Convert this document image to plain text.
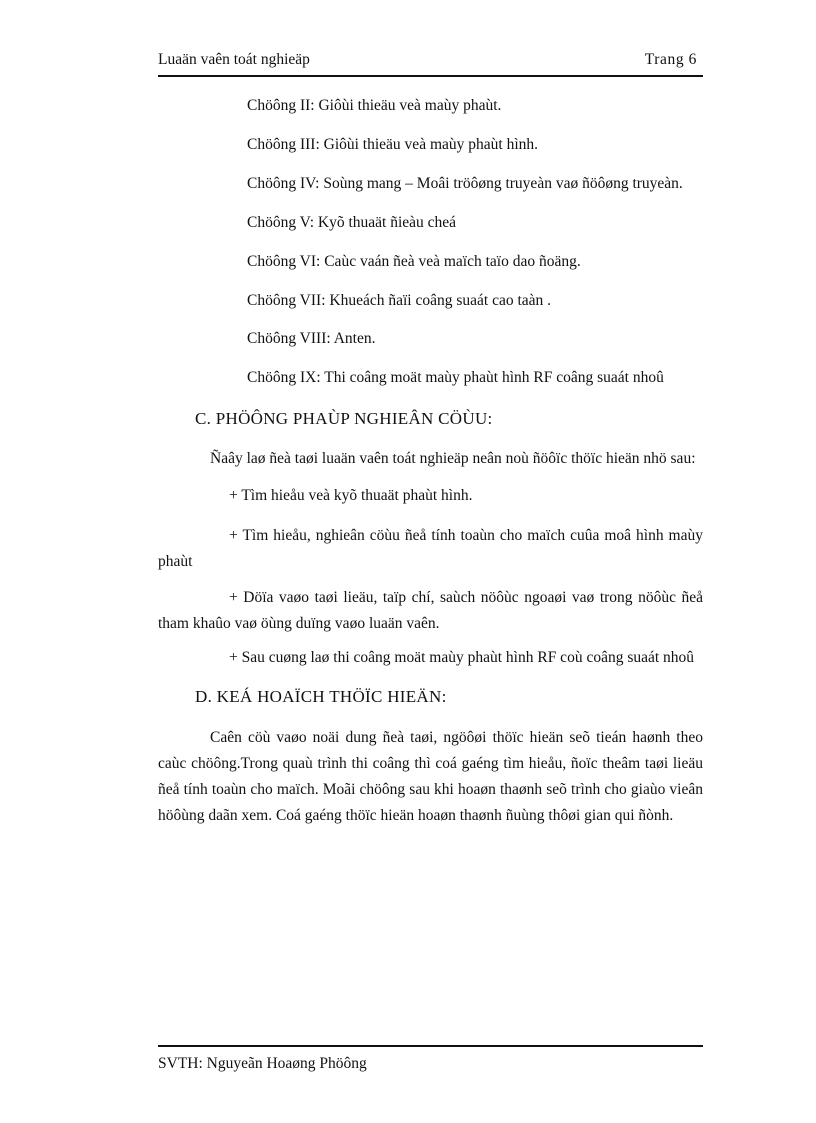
Luaän vaên toát nghieäp	Trang 6
Chöông II: Giôùi thieäu veà maùy phaùt.
Chöông III: Giôùi thieäu veà maùy phaùt hình.
Chöông IV: Soùng mang – Moâi tröôøng truyeàn vaø ñöôøng truyeàn.
Chöông V: Kyõ thuaät ñieàu cheá
Chöông VI: Caùc vaán ñeà veà maïch taïo dao ñoäng.
Chöông VII: Khueách ñaïi coâng suaát cao taàn .
Chöông VIII: Anten.
Chöông IX: Thi coâng moät maùy phaùt hình RF coâng suaát nhoû
C. PHÖÔNG PHAÙP NGHIEÂN CÖÙU:
Ñaây laø ñeà taøi luaän vaên toát nghieäp neân noù ñöôïc thöïc hieän nhö sau:
+ Tìm hieåu veà kyõ thuaät phaùt hình.
+ Tìm hieåu, nghieân cöùu ñeå tính toaùn cho maïch cuûa moâ hình maùy phaùt
+ Döïa vaøo taøi lieäu, taïp chí, saùch nöôùc ngoaøi vaø trong nöôùc ñeå tham khaûo vaø öùng duïng vaøo luaän vaên.
+ Sau cuøng laø thi coâng moät maùy phaùt hình RF coù coâng suaát nhoû
D. KEÁ HOAÏCH THÖÏC HIEÄN:
Caên cöù vaøo noäi dung ñeà taøi, ngöôøi thöïc hieän seõ tieán haønh theo caùc chöông.Trong quaù trình thi coâng thì coá gaéng tìm hieåu, ñoïc theâm taøi lieäu ñeå tính toaùn cho maïch. Moãi chöông sau khi hoaøn thaønh seõ trình cho giaùo vieân höôùng daãn xem. Coá gaéng thöïc hieän hoaøn thaønh ñuùng thôøi gian qui ñònh.
SVTH: Nguyeãn Hoaøng Phöông
